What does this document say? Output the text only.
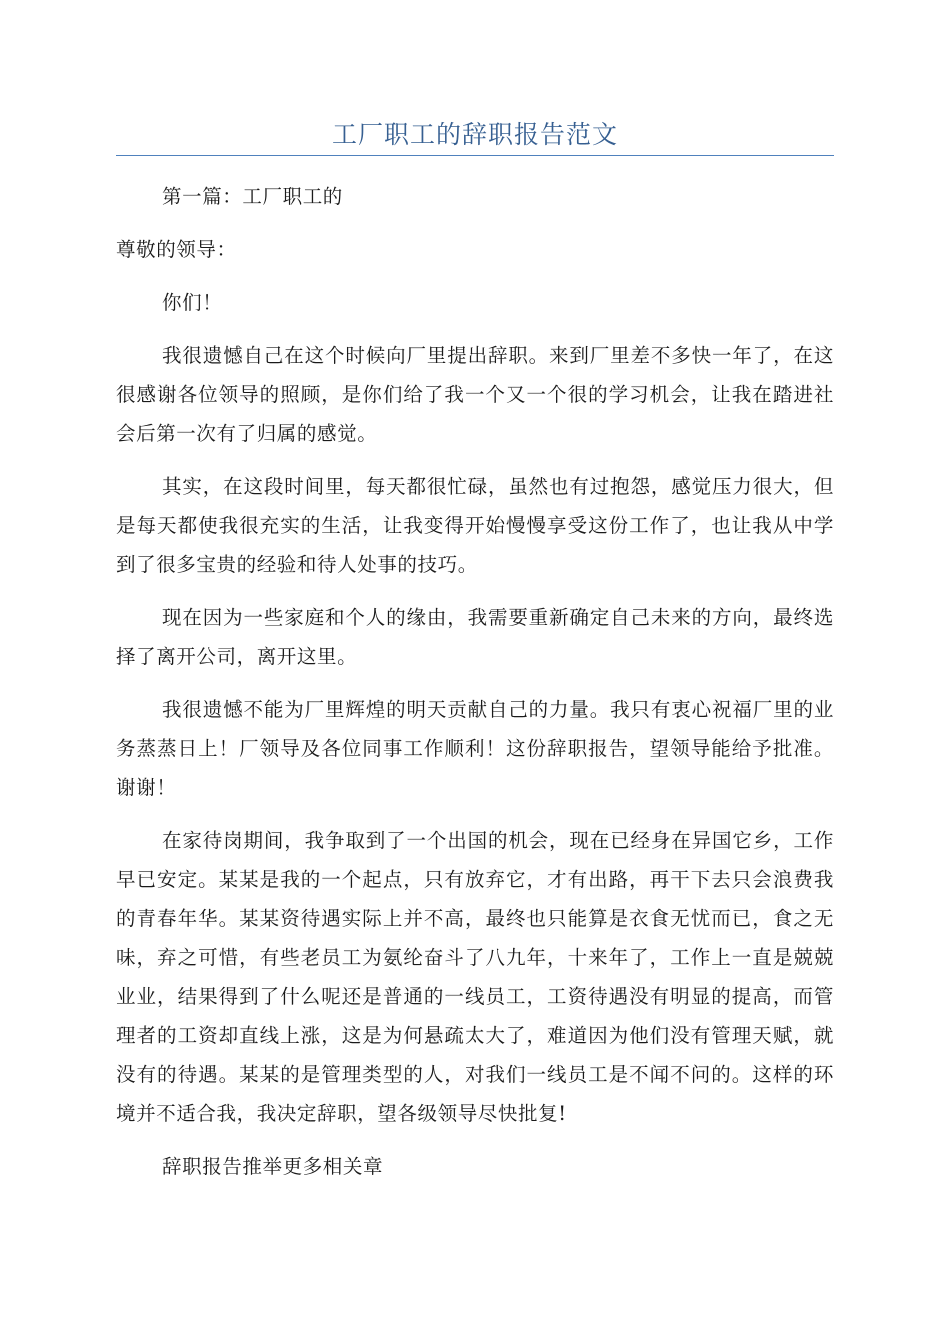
工厂职工的辞职报告范文

第一篇：工厂职工的

尊敬的领导：

你们！

我很遗憾自己在这个时候向厂里提出辞职。来到厂里差不多快一年了，在这很感谢各位领导的照顾，是你们给了我一个又一个很的学习机会，让我在踏进社会后第一次有了归属的感觉。

其实，在这段时间里，每天都很忙碌，虽然也有过抱怨，感觉压力很大，但是每天都使我很充实的生活，让我变得开始慢慢享受这份工作了，也让我从中学到了很多宝贵的经验和待人处事的技巧。

现在因为一些家庭和个人的缘由，我需要重新确定自己未来的方向，最终选择了离开公司，离开这里。

我很遗憾不能为厂里辉煌的明天贡献自己的力量。我只有衷心祝福厂里的业务蒸蒸日上！厂领导及各位同事工作顺利！这份辞职报告，望领导能给予批准。谢谢！

在家待岗期间，我争取到了一个出国的机会，现在已经身在异国它乡，工作早已安定。某某是我的一个起点，只有放弃它，才有出路，再干下去只会浪费我的青春年华。某某资待遇实际上并不高，最终也只能算是衣食无忧而已，食之无味，弃之可惜，有些老员工为氨纶奋斗了八九年，十来年了，工作上一直是兢兢业业，结果得到了什么呢还是普通的一线员工，工资待遇没有明显的提高，而管理者的工资却直线上涨，这是为何悬疏太大了，难道因为他们没有管理天赋，就没有的待遇。某某的是管理类型的人，对我们一线员工是不闻不问的。这样的环境并不适合我，我决定辞职，望各级领导尽快批复!

辞职报告推举更多相关章
